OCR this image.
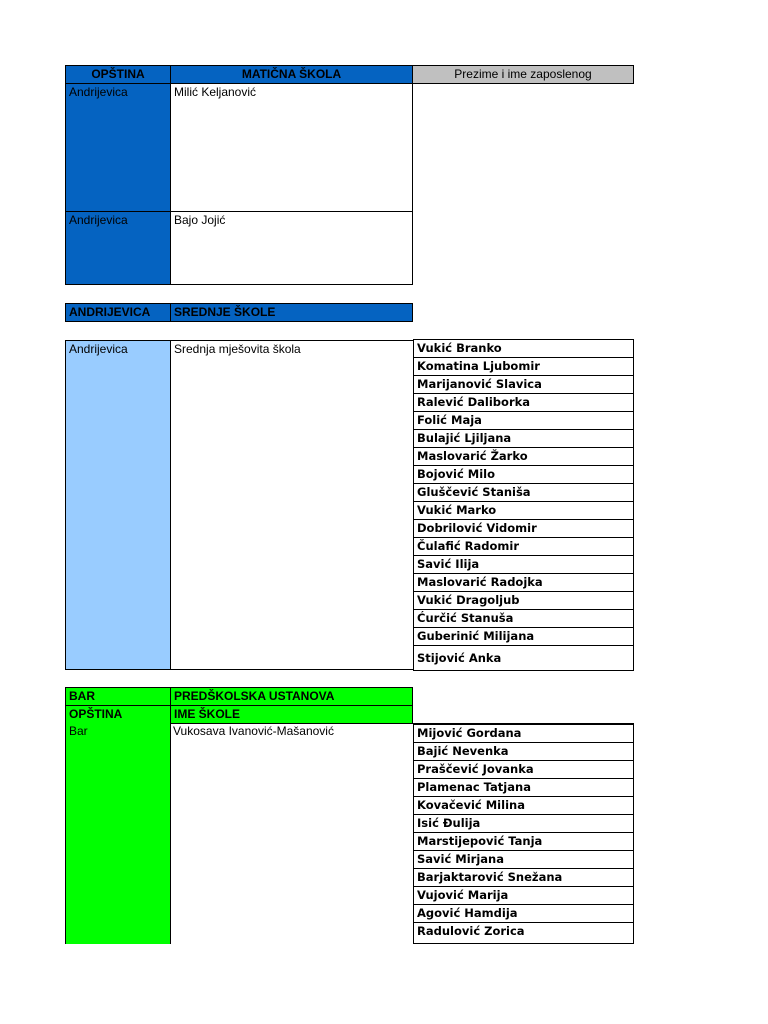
OPŠTINA	MATIČNA ŠKOLA	Prezime i ime zaposlenog
Andrijevica	Milić Keljanović
Andrijevica	Bajo Jojić
ANDRIJEVICA	SREDNJE ŠKOLE
Andrijevica	Srednja mješovita škola	Vukić Branko
Komatina Ljubomir
Marijanović Slavica
Ralević Daliborka
Folić Maja
Bulajić Ljiljana
Maslovarić Žarko
Bojović Milo
Gluščević Staniša
Vukić Marko
Dobrilović Vidomir
Čulafić Radomir
Savić Ilija
Maslovarić Radojka
Vukić Dragoljub
Ćurčić Stanuša
Guberinić Milijana
Stijović Anka
BAR	PREDŠKOLSKA USTANOVA
OPŠTINA	IME ŠKOLE
Bar	Vukosava Ivanović-Mašanović	Mijović Gordana
Bajić Nevenka
Praščević Jovanka
Plamenac Tatjana
Kovačević Milina
Isić Đulija
Marstijepović Tanja
Savić Mirjana
Barjaktarović Snežana
Vujović Marija
Agović Hamdija
Radulović Zorica
